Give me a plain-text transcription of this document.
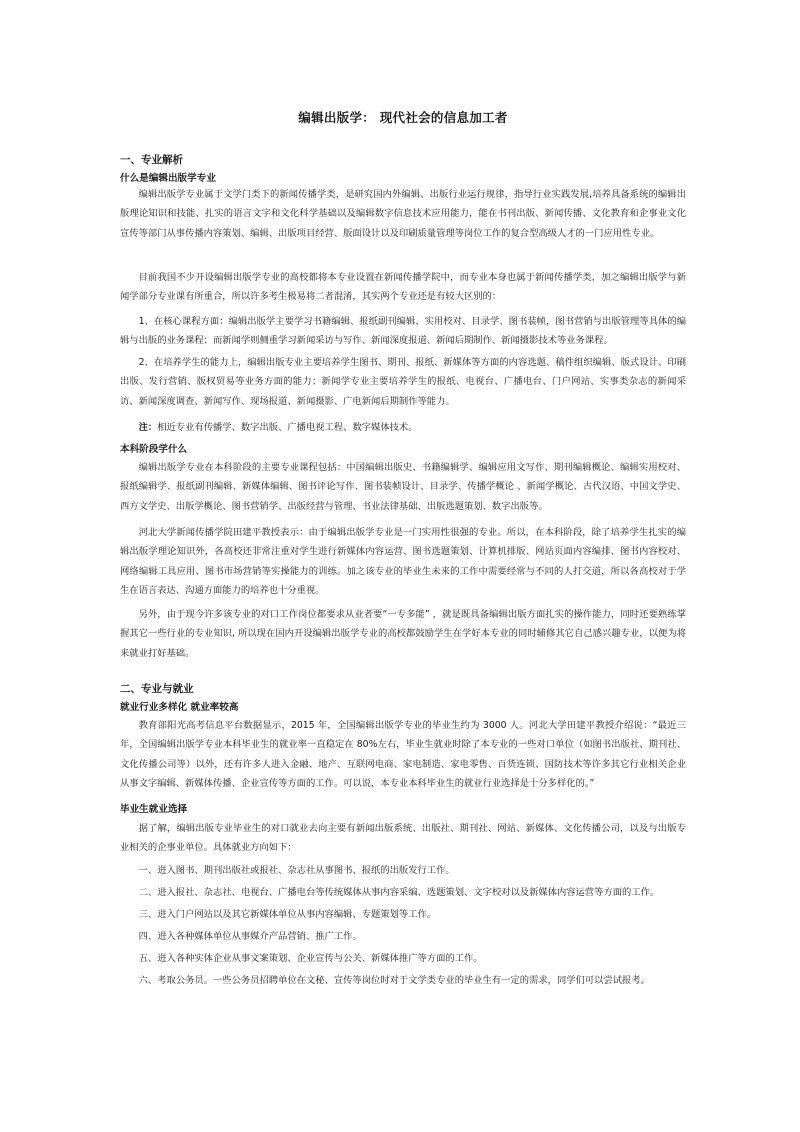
编辑出版学： 现代社会的信息加工者
一、专业解析
什么是编辑出版学专业

编辑出版学专业属于文学门类下的新闻传播学类，是研究国内外编辑、出版行业运行规律，指导行业实践发展,培养具备系统的编辑出版理论知识和技能、扎实的语言文字和文化科学基础以及编辑数字信息技术应用能力，能在书刊出版、新闻传播、文化教育和企事业文化宣传等部门从事传播内容策划、编辑、出版项目经营、版面设计以及印刷质量管理等岗位工作的复合型高级人才的一门应用性专业。

目前我国不少开设编辑出版学专业的高校都将本专业设置在新闻传播学院中，而专业本身也属于新闻传播学类，加之编辑出版学与新闻学部分专业课有所重合，所以许多考生极易将二者混淆，其实两个专业还是有较大区别的：

1、在核心课程方面：编辑出版学主要学习书籍编辑、报纸副刊编辑、实用校对、目录学、图书装帧，图书营销与出版管理等具体的编辑与出版的业务课程；而新闻学则侧重学习新闻采访与写作、新闻深度报道、新闻后期制作、新闻摄影技术等业务课程。

2、在培养学生的能力上，编辑出版专业主要培养学生图书、期刊、报纸、新媒体等方面的内容选题、稿件组织编辑、版式设计、印刷出版、发行营销、版权贸易等业务方面的能力；新闻学专业主要培养学生的报纸、电视台、广播电台、门户网站、实事类杂志的新闻采访、新闻深度调查、新闻写作、现场报道、新闻摄影、广电新闻后期制作等能力。

注：相近专业有传播学、数字出版、广播电视工程、数字媒体技术。

本科阶段学什么

编辑出版学专业在本科阶段的主要专业课程包括：中国编辑出版史、书籍编辑学、编辑应用文写作、期刊编辑概论、编辑实用校对、报纸编辑学、报纸副刊编辑、新媒体编辑、图书评论写作、图书装帧设计、目录学、传播学概论 、新闻学概论、古代汉语、中国文学史、西方文学史、出版学概论、图书营销学、出版经营与管理、书业法律基础、出版选题策划、数字出版等。

河北大学新闻传播学院田建平教授表示：由于编辑出版学专业是一门实用性很强的专业。所以，在本科阶段，除了培养学生扎实的编辑出版学理论知识外，各高校还非常注重对学生进行新媒体内容运营、图书选题策划、计算机排版、网站页面内容编排、图书内容校对、网络编辑工具应用、图书市场营销等实操能力的训练。加之该专业的毕业生未来的工作中需要经常与不同的人打交道，所以各高校对于学生在语言表达、沟通方面能力的培养也十分重视。

另外，由于现今许多该专业的对口工作岗位都要求从业者要“一专多能” ，就是既具备编辑出版方面扎实的操作能力，同时还要熟练掌握其它一些行业的专业知识, 所以现在国内开设编辑出版学专业的高校都鼓励学生在学好本专业的同时辅修其它自己感兴趣专业，以便为将来就业打好基础。

二、专业与就业
就业行业多样化 就业率较高

教育部阳光高考信息平台数据显示，2015 年，全国编辑出版学专业的毕业生约为 3000 人。河北大学田建平教授介绍说：“最近三年，全国编辑出版学专业本科毕业生的就业率一直稳定在 80%左右，毕业生就业时除了本专业的一些对口单位（如图书出版社、期刊社、文化传播公司等）以外，还有许多人进入金融、地产、互联网电商、家电制造、家电零售、百货连锁、国防技术等许多其它行业相关企业从事文字编辑、新媒体传播、企业宣传等方面的工作。可以说，本专业本科毕业生的就业行业选择是十分多样化的。”

毕业生就业选择

据了解，编辑出版专业毕业生的对口就业去向主要有新闻出版系统、出版社、期刊社、网站、新媒体、文化传播公司，以及与出版专业相关的企事业单位。具体就业方向如下：

一、进入图书、期刊出版社或报社、杂志社从事图书、报纸的出版发行工作。

二、进入报社、杂志社、电视台、广播电台等传统媒体从事内容采编、选题策划、文字校对以及新媒体内容运营等方面的工作。

三、进入门户网站以及其它新媒体单位从事内容编辑、专题策划等工作。

四、进入各种媒体单位从事媒介产品营销、推广工作。

五、进入各种实体企业从事文案策划、企业宣传与公关、新媒体推广等方面的工作。

六、考取公务员。一些公务员招聘单位在文秘、宣传等岗位时对于文学类专业的毕业生有一定的需求，同学们可以尝试报考。
